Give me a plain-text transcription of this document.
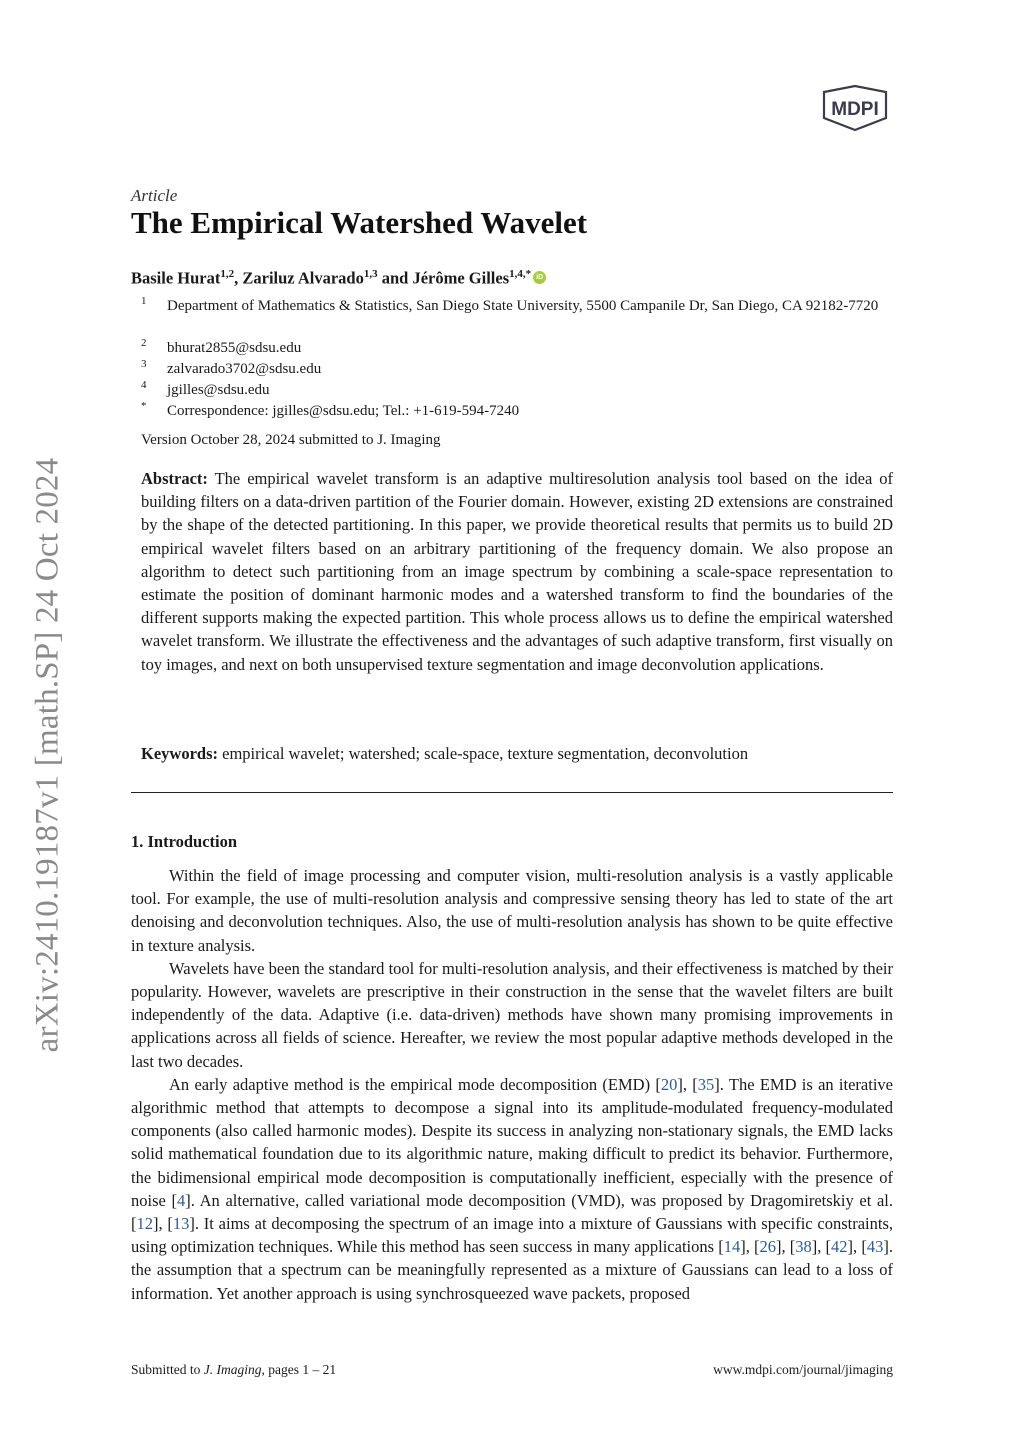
arXiv:2410.19187v1 [math.SP] 24 Oct 2024
MDPI
Article
The Empirical Watershed Wavelet
Basile Hurat$^{1,2}$, Zariluz Alvarado$^{1,3}$ and Jérôme Gilles$^{1,4,*}$ iD
1 Department of Mathematics & Statistics, San Diego State University, 5500 Campanile Dr, San Diego, CA 92182-7720
2 bhurat2855@sdsu.edu
3 zalvarado3702@sdsu.edu
4 jgilles@sdsu.edu
* Correspondence: jgilles@sdsu.edu; Tel.: +1-619-594-7240
Version October 28, 2024 submitted to J. Imaging
Abstract: The empirical wavelet transform is an adaptive multiresolution analysis tool based on the idea of building filters on a data-driven partition of the Fourier domain. However, existing 2D extensions are constrained by the shape of the detected partitioning. In this paper, we provide theoretical results that permits us to build 2D empirical wavelet filters based on an arbitrary partitioning of the frequency domain. We also propose an algorithm to detect such partitioning from an image spectrum by combining a scale-space representation to estimate the position of dominant harmonic modes and a watershed transform to find the boundaries of the different supports making the expected partition. This whole process allows us to define the empirical watershed wavelet transform. We illustrate the effectiveness and the advantages of such adaptive transform, first visually on toy images, and next on both unsupervised texture segmentation and image deconvolution applications.
Keywords: empirical wavelet; watershed; scale-space, texture segmentation, deconvolution
1. Introduction

Within the field of image processing and computer vision, multi-resolution analysis is a vastly applicable tool. For example, the use of multi-resolution analysis and compressive sensing theory has led to state of the art denoising and deconvolution techniques. Also, the use of multi-resolution analysis has shown to be quite effective in texture analysis.

Wavelets have been the standard tool for multi-resolution analysis, and their effectiveness is matched by their popularity. However, wavelets are prescriptive in their construction in the sense that the wavelet filters are built independently of the data. Adaptive (i.e. data-driven) methods have shown many promising improvements in applications across all fields of science. Hereafter, we review the most popular adaptive methods developed in the last two decades.

An early adaptive method is the empirical mode decomposition (EMD) [20], [35]. The EMD is an iterative algorithmic method that attempts to decompose a signal into its amplitude-modulated frequency-modulated components (also called harmonic modes). Despite its success in analyzing non-stationary signals, the EMD lacks solid mathematical foundation due to its algorithmic nature, making difficult to predict its behavior. Furthermore, the bidimensional empirical mode decomposition is computationally inefficient, especially with the presence of noise [4]. An alternative, called variational mode decomposition (VMD), was proposed by Dragomiretskiy et al. [12], [13]. It aims at decomposing the spectrum of an image into a mixture of Gaussians with specific constraints, using optimization techniques. While this method has seen success in many applications [14], [26], [38], [42], [43]. the assumption that a spectrum can be meaningfully represented as a mixture of Gaussians can lead to a loss of information. Yet another approach is using synchrosqueezed wave packets, proposed

Submitted to J. Imaging, pages 1 – 21	www.mdpi.com/journal/jimaging
